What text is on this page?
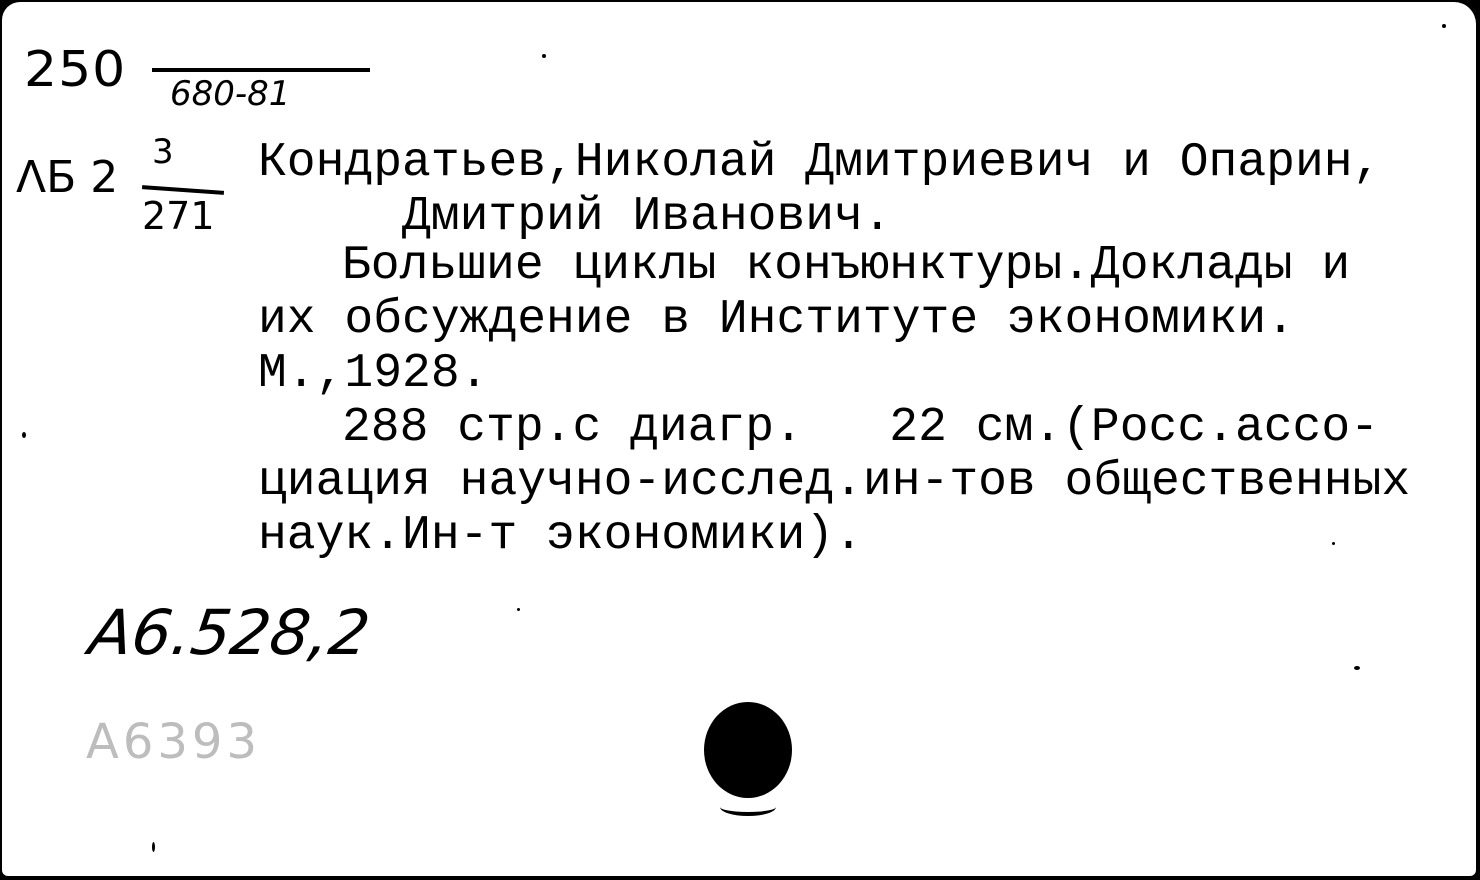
250 680-81
ΛБ 2 3
271
Кондратьев,Николай Дмитриевич и Опарин,
Дмитрий Иванович.
Большие циклы конъюнктуры.Доклады и
их обсуждение в Институте экономики.
М.,1928.
288 стр.с диагр.   22 см.(Росс.ассо-
циация научно-исслед.ин-тов общественных
наук.Ин-т экономики).
A6.528,2
A6393
